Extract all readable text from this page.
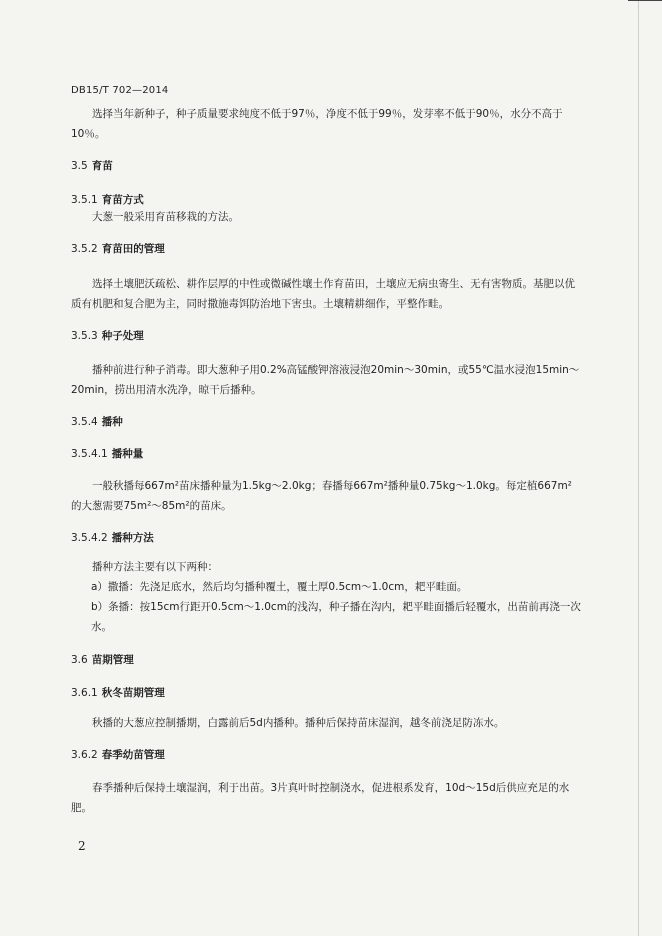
DB15/T 702—2014
选择当年新种子，种子质量要求纯度不低于97％，净度不低于99％，发芽率不低于90％，水分不高于10％。
3.5 育苗
3.5.1 育苗方式
大葱一般采用育苗移栽的方法。
3.5.2 育苗田的管理
选择土壤肥沃疏松、耕作层厚的中性或微碱性壤土作育苗田，土壤应无病虫寄生、无有害物质。基肥以优质有机肥和复合肥为主，同时撒施毒饵防治地下害虫。土壤精耕细作，平整作畦。
3.5.3 种子处理
播种前进行种子消毒。即大葱种子用0.2%高锰酸钾溶液浸泡20min～30min，或55℃温水浸泡15min～20min，捞出用清水洗净，晾干后播种。
3.5.4 播种
3.5.4.1 播种量
一般秋播每667m²苗床播种量为1.5kg～2.0kg；春播每667m²播种量0.75kg～1.0kg。每定植667m²的大葱需要75m²～85m²的苗床。
3.5.4.2 播种方法
播种方法主要有以下两种：
a）撒播：先浇足底水，然后均匀播种覆土，覆土厚0.5cm～1.0cm，耙平畦面。
b）条播：按15cm行距开0.5cm～1.0cm的浅沟，种子播在沟内，耙平畦面播后轻覆水，出苗前再浇一次水。
3.6 苗期管理
3.6.1 秋冬苗期管理
秋播的大葱应控制播期，白露前后5d内播种。播种后保持苗床湿润，越冬前浇足防冻水。
3.6.2 春季幼苗管理
春季播种后保持土壤湿润，利于出苗。3片真叶时控制浇水，促进根系发育，10d～15d后供应充足的水肥。
2
